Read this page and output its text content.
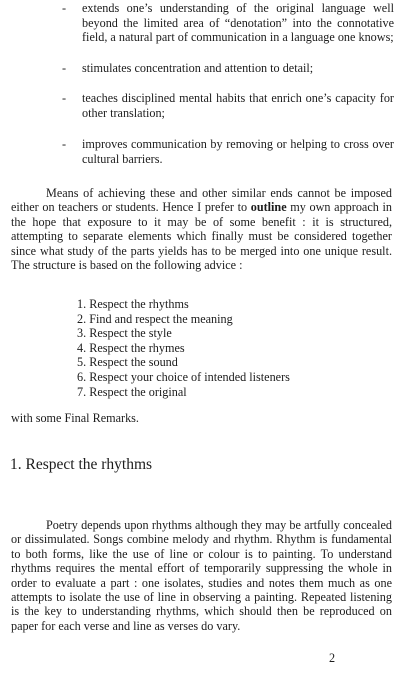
- extends one’s understanding of the original language well beyond the limited area of “denotation” into the connotative field, a natural part of communication in a language one knows;
- stimulates concentration and attention to detail;
- teaches disciplined mental habits that enrich one’s capacity for other translation;
- improves communication by removing or helping to cross over cultural barriers.

Means of achieving these and other similar ends cannot be imposed either on teachers or students. Hence I prefer to outline my own approach in the hope that exposure to it may be of some benefit : it is structured, attempting to separate elements which finally must be considered together since what study of the parts yields has to be merged into one unique result. The structure is based on the following advice :

1. Respect the rhythms
2. Find and respect the meaning
3. Respect the style
4. Respect the rhymes
5. Respect the sound
6. Respect your choice of intended listeners
7. Respect the original
with some Final Remarks.
1. Respect the rhythms

Poetry depends upon rhythms although they may be artfully concealed or dissimulated. Songs combine melody and rhythm. Rhythm is fundamental to both forms, like the use of line or colour is to painting. To understand rhythms requires the mental effort of temporarily suppressing the whole in order to evaluate a part : one isolates, studies and notes them much as one attempts to isolate the use of line in observing a painting. Repeated listening is the key to understanding rhythms, which should then be reproduced on paper for each verse and line as verses do vary.

2
